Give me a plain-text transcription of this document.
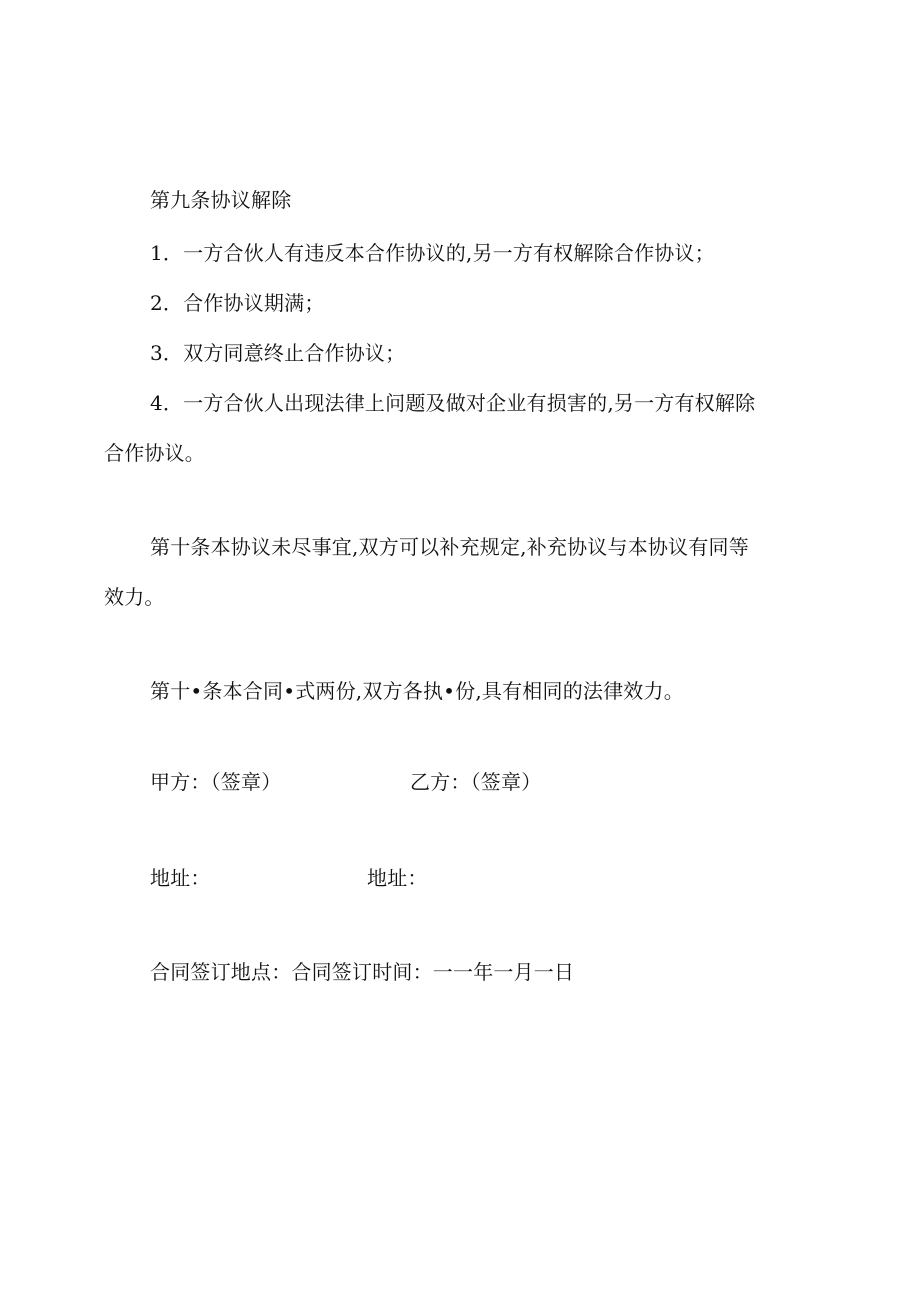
第九条协议解除
1．一方合伙人有违反本合作协议的,另一方有权解除合作协议；
2．合作协议期满；
3．双方同意终止合作协议；
4．一方合伙人出现法律上问题及做对企业有损害的,另一方有权解除
合作协议。
第十条本协议未尽事宜,双方可以补充规定,补充协议与本协议有同等
效力。
第十•条本合同•式两份,双方各执•份,具有相同的法律效力。
甲方：（签章）	乙方：（签章）
地址：	地址：
合同签订地点：合同签订时间：一一年一月一日
